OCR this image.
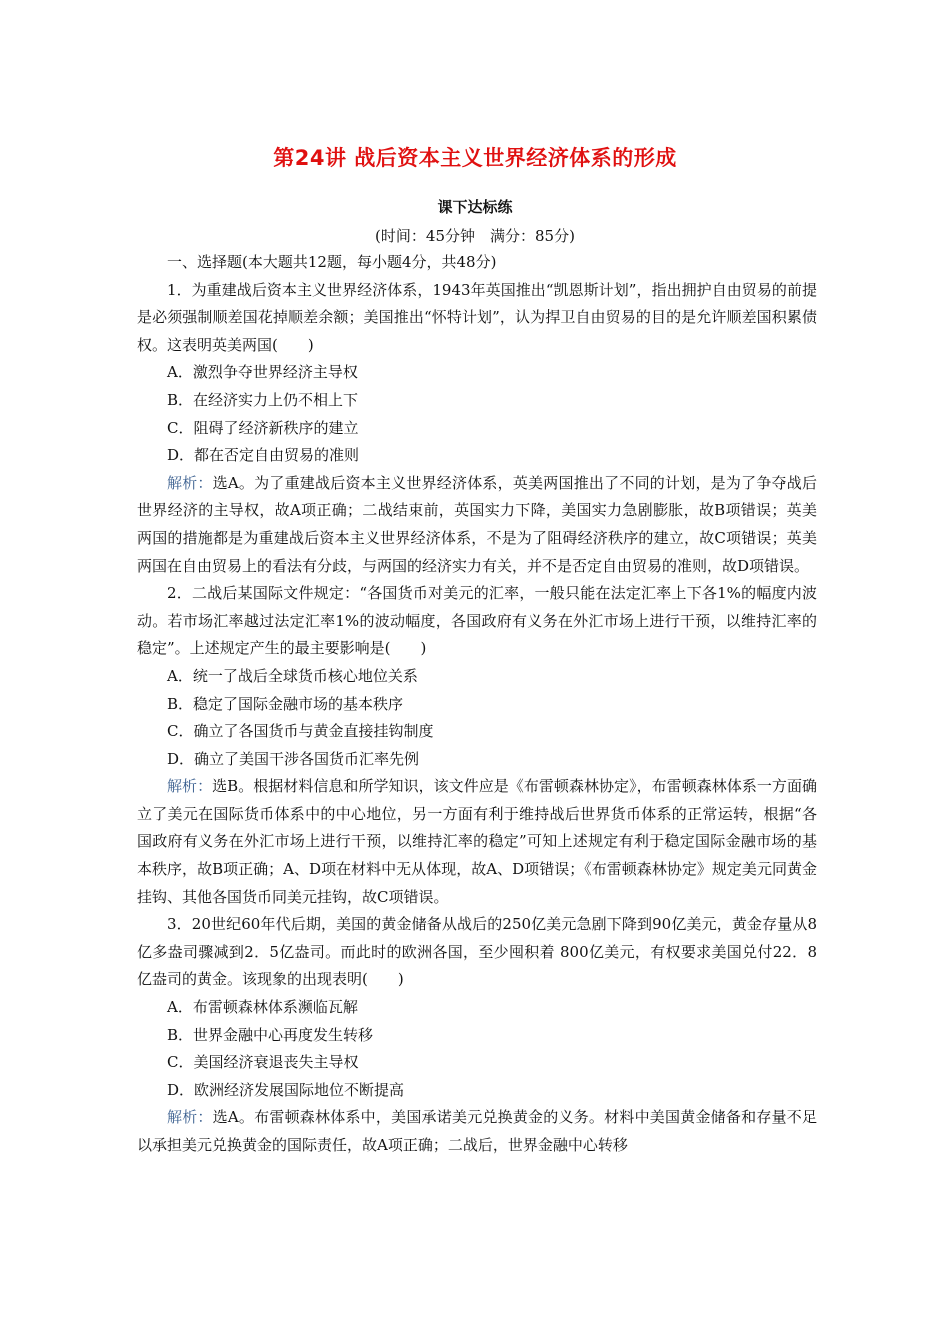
第24讲 战后资本主义世界经济体系的形成
课下达标练
(时间：45分钟　满分：85分)

一、选择题(本大题共12题，每小题4分，共48分)

1．为重建战后资本主义世界经济体系，1943年英国推出“凯恩斯计划”，指出拥护自由贸易的前提是必须强制顺差国花掉顺差余额；美国推出“怀特计划”，认为捍卫自由贸易的目的是允许顺差国积累债权。这表明英美两国(　　)

A．激烈争夺世界经济主导权

B．在经济实力上仍不相上下

C．阻碍了经济新秩序的建立

D．都在否定自由贸易的准则

解析：选A。为了重建战后资本主义世界经济体系，英美两国推出了不同的计划，是为了争夺战后世界经济的主导权，故A项正确；二战结束前，英国实力下降，美国实力急剧膨胀，故B项错误；英美两国的措施都是为重建战后资本主义世界经济体系，不是为了阻碍经济秩序的建立，故C项错误；英美两国在自由贸易上的看法有分歧，与两国的经济实力有关，并不是否定自由贸易的准则，故D项错误。

2．二战后某国际文件规定：“各国货币对美元的汇率，一般只能在法定汇率上下各1%的幅度内波动。若市场汇率越过法定汇率1%的波动幅度，各国政府有义务在外汇市场上进行干预，以维持汇率的稳定”。上述规定产生的最主要影响是(　　)

A．统一了战后全球货币核心地位关系

B．稳定了国际金融市场的基本秩序

C．确立了各国货币与黄金直接挂钩制度

D．确立了美国干涉各国货币汇率先例

解析：选B。根据材料信息和所学知识，该文件应是《布雷顿森林协定》，布雷顿森林体系一方面确立了美元在国际货币体系中的中心地位，另一方面有利于维持战后世界货币体系的正常运转，根据“各国政府有义务在外汇市场上进行干预，以维持汇率的稳定”可知上述规定有利于稳定国际金融市场的基本秩序，故B项正确；A、D项在材料中无从体现，故A、D项错误；《布雷顿森林协定》规定美元同黄金挂钩、其他各国货币同美元挂钩，故C项错误。

3．20世纪60年代后期，美国的黄金储备从战后的250亿美元急剧下降到90亿美元，黄金存量从8亿多盎司骤减到2．5亿盎司。而此时的欧洲各国，至少囤积着 800亿美元，有权要求美国兑付22．8亿盎司的黄金。该现象的出现表明(　　)

A．布雷顿森林体系濒临瓦解

B．世界金融中心再度发生转移

C．美国经济衰退丧失主导权

D．欧洲经济发展国际地位不断提高

解析：选A。布雷顿森林体系中，美国承诺美元兑换黄金的义务。材料中美国黄金储备和存量不足以承担美元兑换黄金的国际责任，故A项正确；二战后，世界金融中心转移
